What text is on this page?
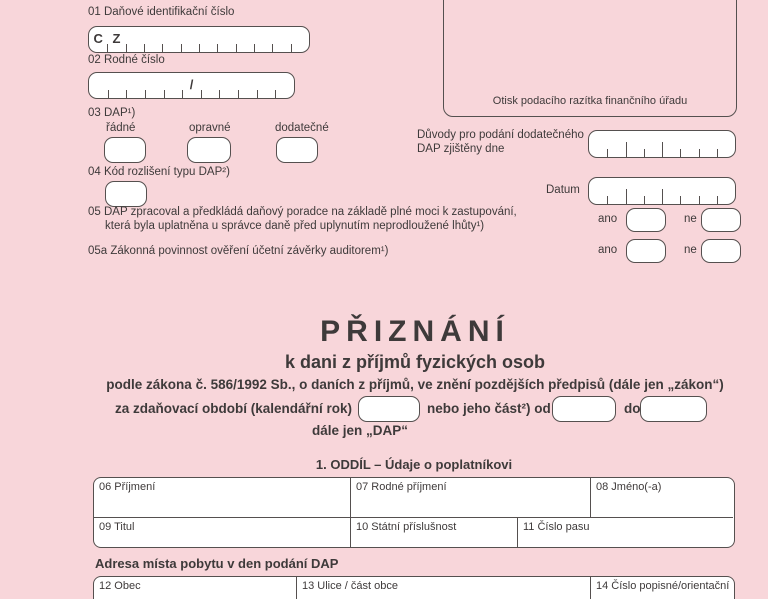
Otisk podacího razítka finančního úřadu
01 Daňové identifikační číslo
C Z
02 Rodné číslo
/
03 DAP¹)
řádné	opravné	dodatečné
04 Kód rozlišení typu DAP²)
Důvody pro podání dodatečného
DAP zjištěny dne
Datum
05 DAP zpracoval a předkládá daňový poradce na základě plné moci k zastupování,
která byla uplatněna u správce daně před uplynutím neprodloužené lhůty¹)
ano	ne
05a Zákonná povinnost ověření účetní závěrky auditorem¹)	ano	ne
PŘIZNÁNÍ
k dani z příjmů fyzických osob
podle zákona č. 586/1992 Sb., o daních z příjmů, ve znění pozdějších předpisů (dále jen „zákon“)
za zdaňovací období (kalendářní rok)	nebo jeho část²) od	do
dále jen „DAP“
1. ODDÍL – Údaje o poplatníkovi
06 Příjmení	07 Rodné příjmení	08 Jméno(-a)
09 Titul	10 Státní příslušnost	11 Číslo pasu
Adresa místa pobytu v den podání DAP
12 Obec	13 Ulice / část obce	14 Číslo popisné/orientační
